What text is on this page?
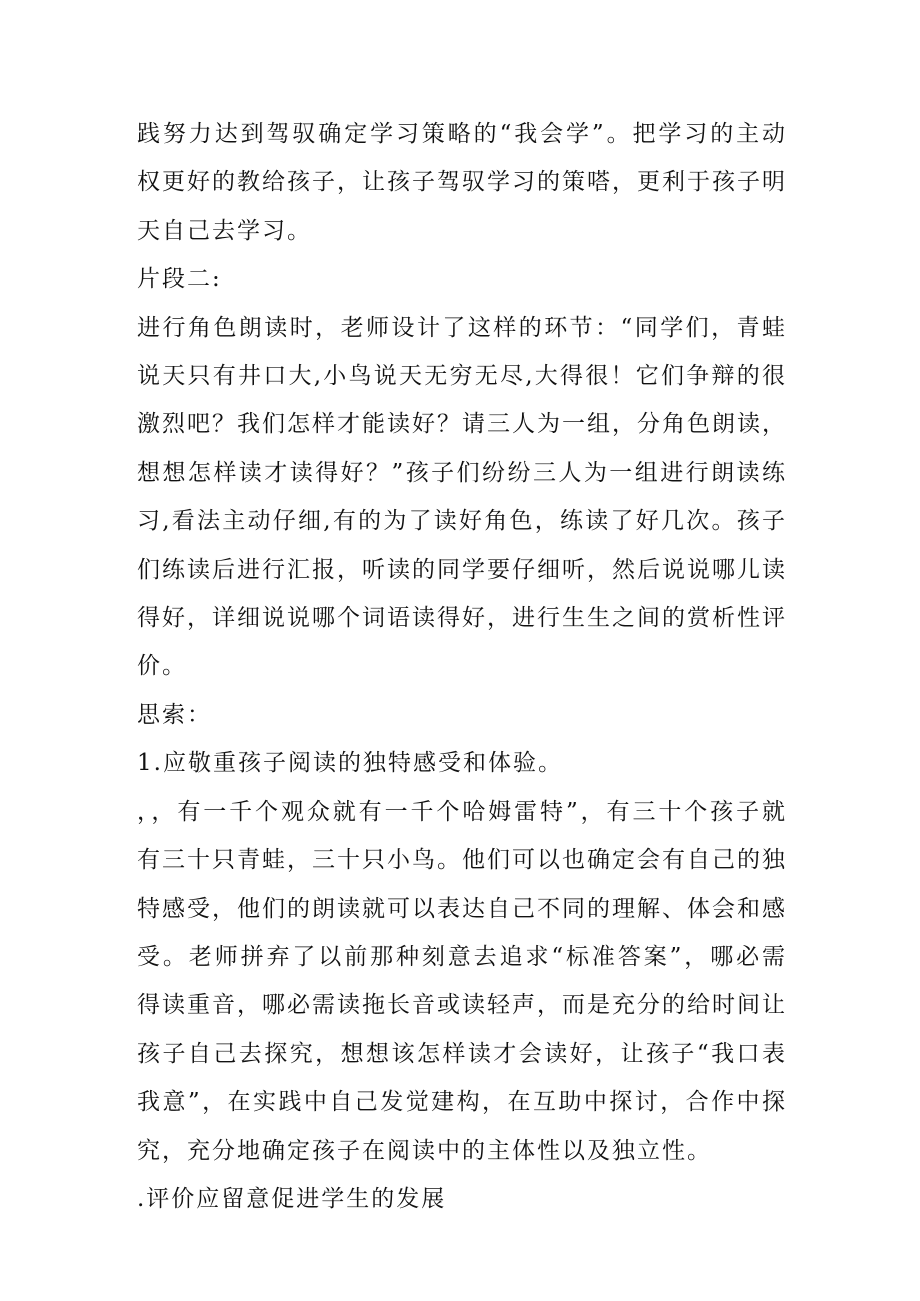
践努力达到驾驭确定学习策略的“我会学”。把学习的主动权更好的教给孩子，让孩子驾驭学习的策嗒，更利于孩子明天自己去学习。

片段二:

进行角色朗读时，老师设计了这样的环节：“同学们，青蛙说天只有井口大,小鸟说天无穷无尽,大得很！它们争辩的很激烈吧？我们怎样才能读好？请三人为一组，分角色朗读，想想怎样读才读得好？”孩子们纷纷三人为一组进行朗读练习,看法主动仔细,有的为了读好角色，练读了好几次。孩子们练读后进行汇报，听读的同学要仔细听，然后说说哪儿读得好，详细说说哪个词语读得好，进行生生之间的赏析性评价。

思索：

1.应敬重孩子阅读的独特感受和体验。

，，有一千个观众就有一千个哈姆雷特”，有三十个孩子就有三十只青蛙，三十只小鸟。他们可以也确定会有自己的独特感受，他们的朗读就可以表达自己不同的理解、体会和感受。老师拼弃了以前那种刻意去追求“标准答案”，哪必需得读重音，哪必需读拖长音或读轻声，而是充分的给时间让孩子自己去探究，想想该怎样读才会读好，让孩子“我口表我意”，在实践中自己发觉建构，在互助中探讨，合作中探究，充分地确定孩子在阅读中的主体性以及独立性。

.评价应留意促进学生的发展
